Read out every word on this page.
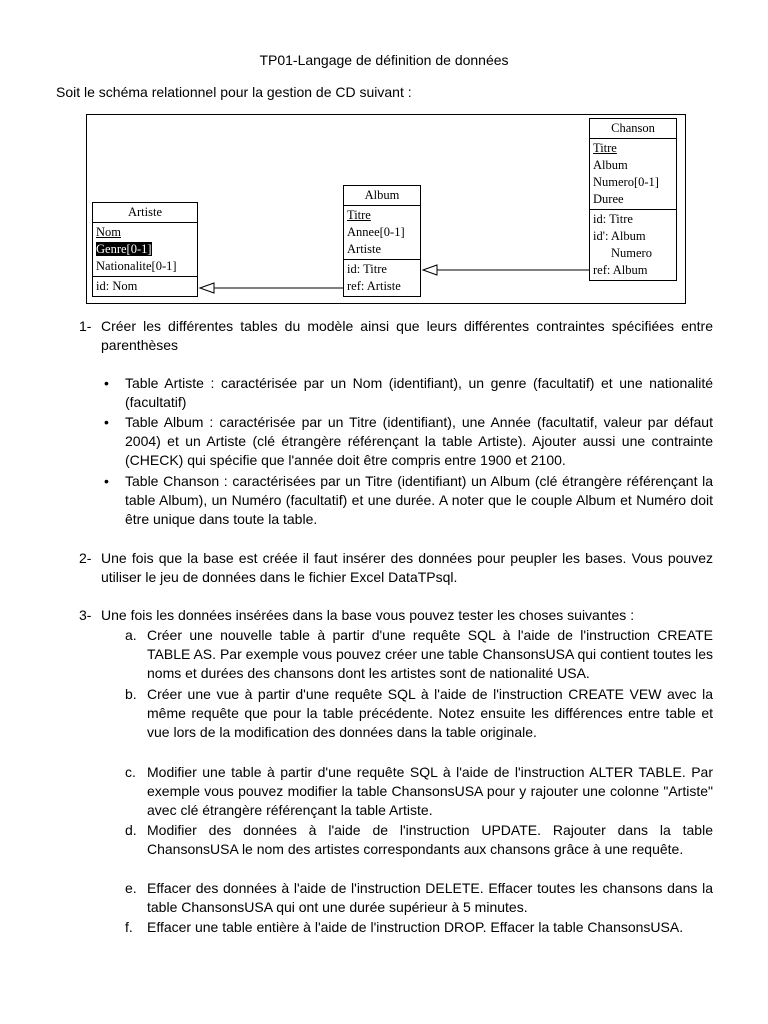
TP01-Langage de définition de données
Soit le schéma relationnel pour la gestion de CD suivant :
Artiste
Nom
Genre[0-1]
Nationalite[0-1]
id: Nom
Album
Titre
Annee[0-1]
Artiste
id: Titre
ref: Artiste
Chanson
Titre
Album
Numero[0-1]
Duree
id: Titre
id': Album
Numero
ref: Album
1- Créer les différentes tables du modèle ainsi que leurs différentes contraintes spécifiées entre parenthèses
• Table Artiste : caractérisée par un Nom (identifiant), un genre (facultatif) et une nationalité (facultatif)
• Table Album : caractérisée par un Titre (identifiant), une Année (facultatif, valeur par défaut 2004) et un Artiste (clé étrangère référençant la table Artiste). Ajouter aussi une contrainte (CHECK) qui spécifie que l'année doit être compris entre 1900 et 2100.
• Table Chanson : caractérisées par un Titre (identifiant) un Album (clé étrangère référençant la table Album), un Numéro (facultatif) et une durée. A noter que le couple Album et Numéro doit être unique dans toute la table.
2- Une fois que la base est créée il faut insérer des données pour peupler les bases. Vous pouvez utiliser le jeu de données dans le fichier Excel DataTPsql.
3- Une fois les données insérées dans la base vous pouvez tester les choses suivantes :
a. Créer une nouvelle table à partir d'une requête SQL à l'aide de l'instruction CREATE TABLE AS. Par exemple vous pouvez créer une table ChansonsUSA qui contient toutes les noms et durées des chansons dont les artistes sont de nationalité USA.
b. Créer une vue à partir d'une requête SQL à l'aide de l'instruction CREATE VEW avec la même requête que pour la table précédente. Notez ensuite les différences entre table et vue lors de la modification des données dans la table originale.
c. Modifier une table à partir d'une requête SQL à l'aide de l'instruction ALTER TABLE. Par exemple vous pouvez modifier la table ChansonsUSA pour y rajouter une colonne "Artiste" avec clé étrangère référençant la table Artiste.
d. Modifier des données à l'aide de l'instruction UPDATE. Rajouter dans la table ChansonsUSA le nom des artistes correspondants aux chansons grâce à une requête.
e. Effacer des données à l'aide de l'instruction DELETE. Effacer toutes les chansons dans la table ChansonsUSA qui ont une durée supérieur à 5 minutes.
f. Effacer une table entière à l'aide de l'instruction DROP. Effacer la table ChansonsUSA.
